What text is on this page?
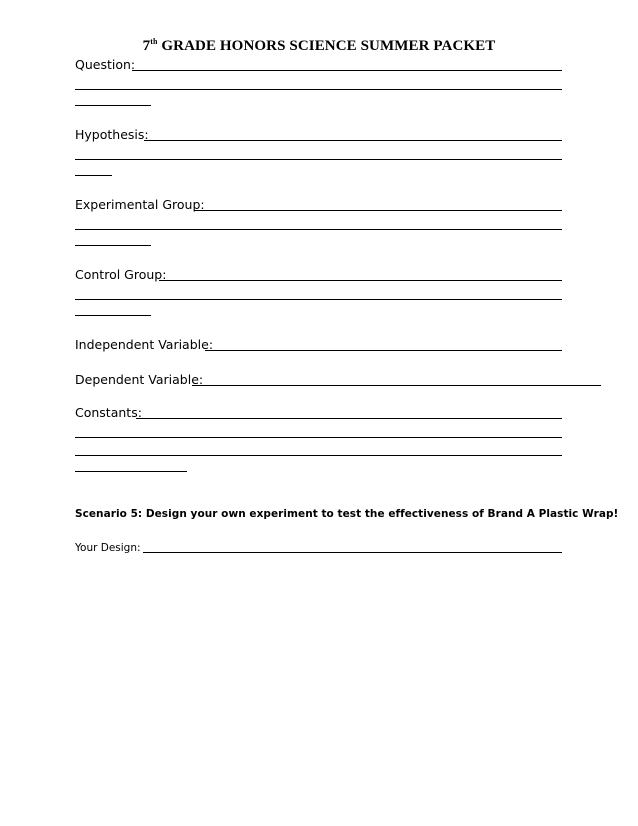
7th GRADE HONORS SCIENCE SUMMER PACKET
Question:
Hypothesis:
Experimental Group:
Control Group:
Independent Variable:
Dependent Variable:
Constants:
Scenario 5: Design your own experiment to test the effectiveness of Brand A Plastic Wrap!
Your Design:
